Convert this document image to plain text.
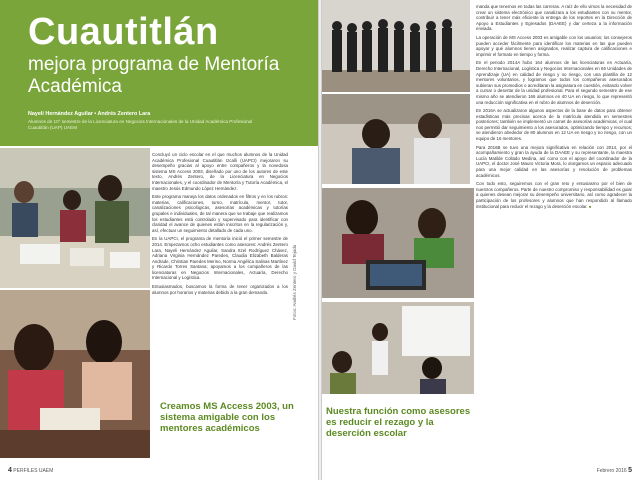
Cuautitlán
mejora programa de Mentoría Académica
Nayeli Hernández Aguilar • Andrés Zentero Lara
Alumnos de 10° semestre de la Licenciatura en Negocios Internacionales de la Unidad Académica Profesional Cuautitlán (UAP) UAEM

Concluyó un ciclo escolar en el que muchos alumnos de la Unidad Académica Profesional Cuautitlán Izcalli (UAPCI) mejoraron su desempeño gracias al apoyo entre compañeros y la novedosa sistema MS Access 2003, diseñado por uno de los autores de este texto, Andrés Zentero, de la Licenciatura en Negocios Internacionales, y el coordinador de Mentoría y Tutoría Académica, el maestro Jesús Edmundo López Hernández.

Este programa maneja los datos ordenados en filtros y en los rubros: materias, calificaciones, turno, matrícula, mentor, tutor, canalizaciones psicológicas, asesorías académicas y tutorías grupales e individuales, de tal manera que se trabaje que realizamos los estudiantes está controlado y supervisado para identificar con claridad el avance de quienes están inscritos en la regularización y, así, efectuar un seguimiento detallado de cada uno.

En la UAPCI, el programa de mentoría inició el primer semestre de 2014. Empezamos ocho estudiantes como asesores: Andrés Zentero Lara, Nayeli Hernández Aguilar, Sandra Itzel Rodríguez Chávez, Adriana Virginia Hernández Paredes, Claudia Elizabeth Balderas Andrade, Christian Paredes Merino, Norma Angélica Salinas Martínez y Ricardo Torres Santana; apoyamos a los compañeros de las licenciaturas en Negocios Internacionales, Actuaría, Derecho Internacional y Logística.

Entusiasmados, buscamos la forma de tener organizados a los alumnos por horarios y materias debido a la gran demanda.	Fotos: Andrés Zentero y David Tejada
Creamos MS Access 2003, un sistema amigable con los mentores académicos
4 PERFILES UAEM

manda que tenemos en todas las carreras. A raíz de ello vimos la necesidad de crear un sistema electrónico que canalizara a los estudiantes con su mentor, contribuir a tener más eficiente la entrega de los reportes en la Dirección de Apoyo a Estudiantes y Egresados (DAAEE) y dar certeza a la información enviada.

La operación de MS Access 2003 es amigable con los usuarios; los consejeros pueden acceder fácilmente para identificar los materias en las que pueden apoyar y qué alumnos tienen asignados, realizar captura de calificaciones e imprimir el formato en tiempo y forma.

En el periodo 2014A hubo 164 alumnos de las licenciaturas en Actuaría, Derecho Internacional, Logística y Negocios Internacionales en 66 Unidades de Aprendizaje (UA) en calidad de riesgo y no riesgo, con una plantilla de 12 mentores voluntarios, y logramos que todos los compañeros asesorados subieran sus promedios o acreditaran la asignatura en cuestión, evitando volver a cursar o desertar de la unidad profesional. Para el segundo semestre de ese mismo año se atendieron 166 alumnos en 40 UA en riesgo, lo que representó una reducción significativa en el rubro de alumnos de deserción.

En 2016A se actualizaron algunos aspectos de la base de datos para obtener estadísticas más precisas acerca de la matrícula atendida en semestres posteriores; también se implementó un carnet de asesorías académicas, el cual nos permitió dar seguimiento a los asesorados, optimizando tiempo y recursos; se atendieron alrededor de 80 alumnos en 12 UA en riesgo y no riesgo, con un equipo de 16 mentores.

Para 2016B se tuvo una mejora significativa en relación con 2014, por el acompañamiento y gran la ayuda de la DAAEE y su representante, la maestra Lucía Matilde Collado Medina, así como con el apoyo del coordinador de la UAPCI, el doctor José Mauro Victoria Mora, lo otorgamos un espacio adecuado para una mejor calidad en las asesorías y resolución de problemas académicos.

Con todo esto, seguiremos con el gran reto y entusiasmo por el bien de nuestros compañeros. Parte de nuestro compromiso y responsabilidad es guiar a quienes desean mejorar su desempeño universitario, así como agradecer la participación de los profesores y alumnos que han respondido al llamado institucional para reducir el rezago y la deserción escolar. ●

Nuestra función como asesores es reducir el rezago y la deserción escolar
Febrero 2016 5
